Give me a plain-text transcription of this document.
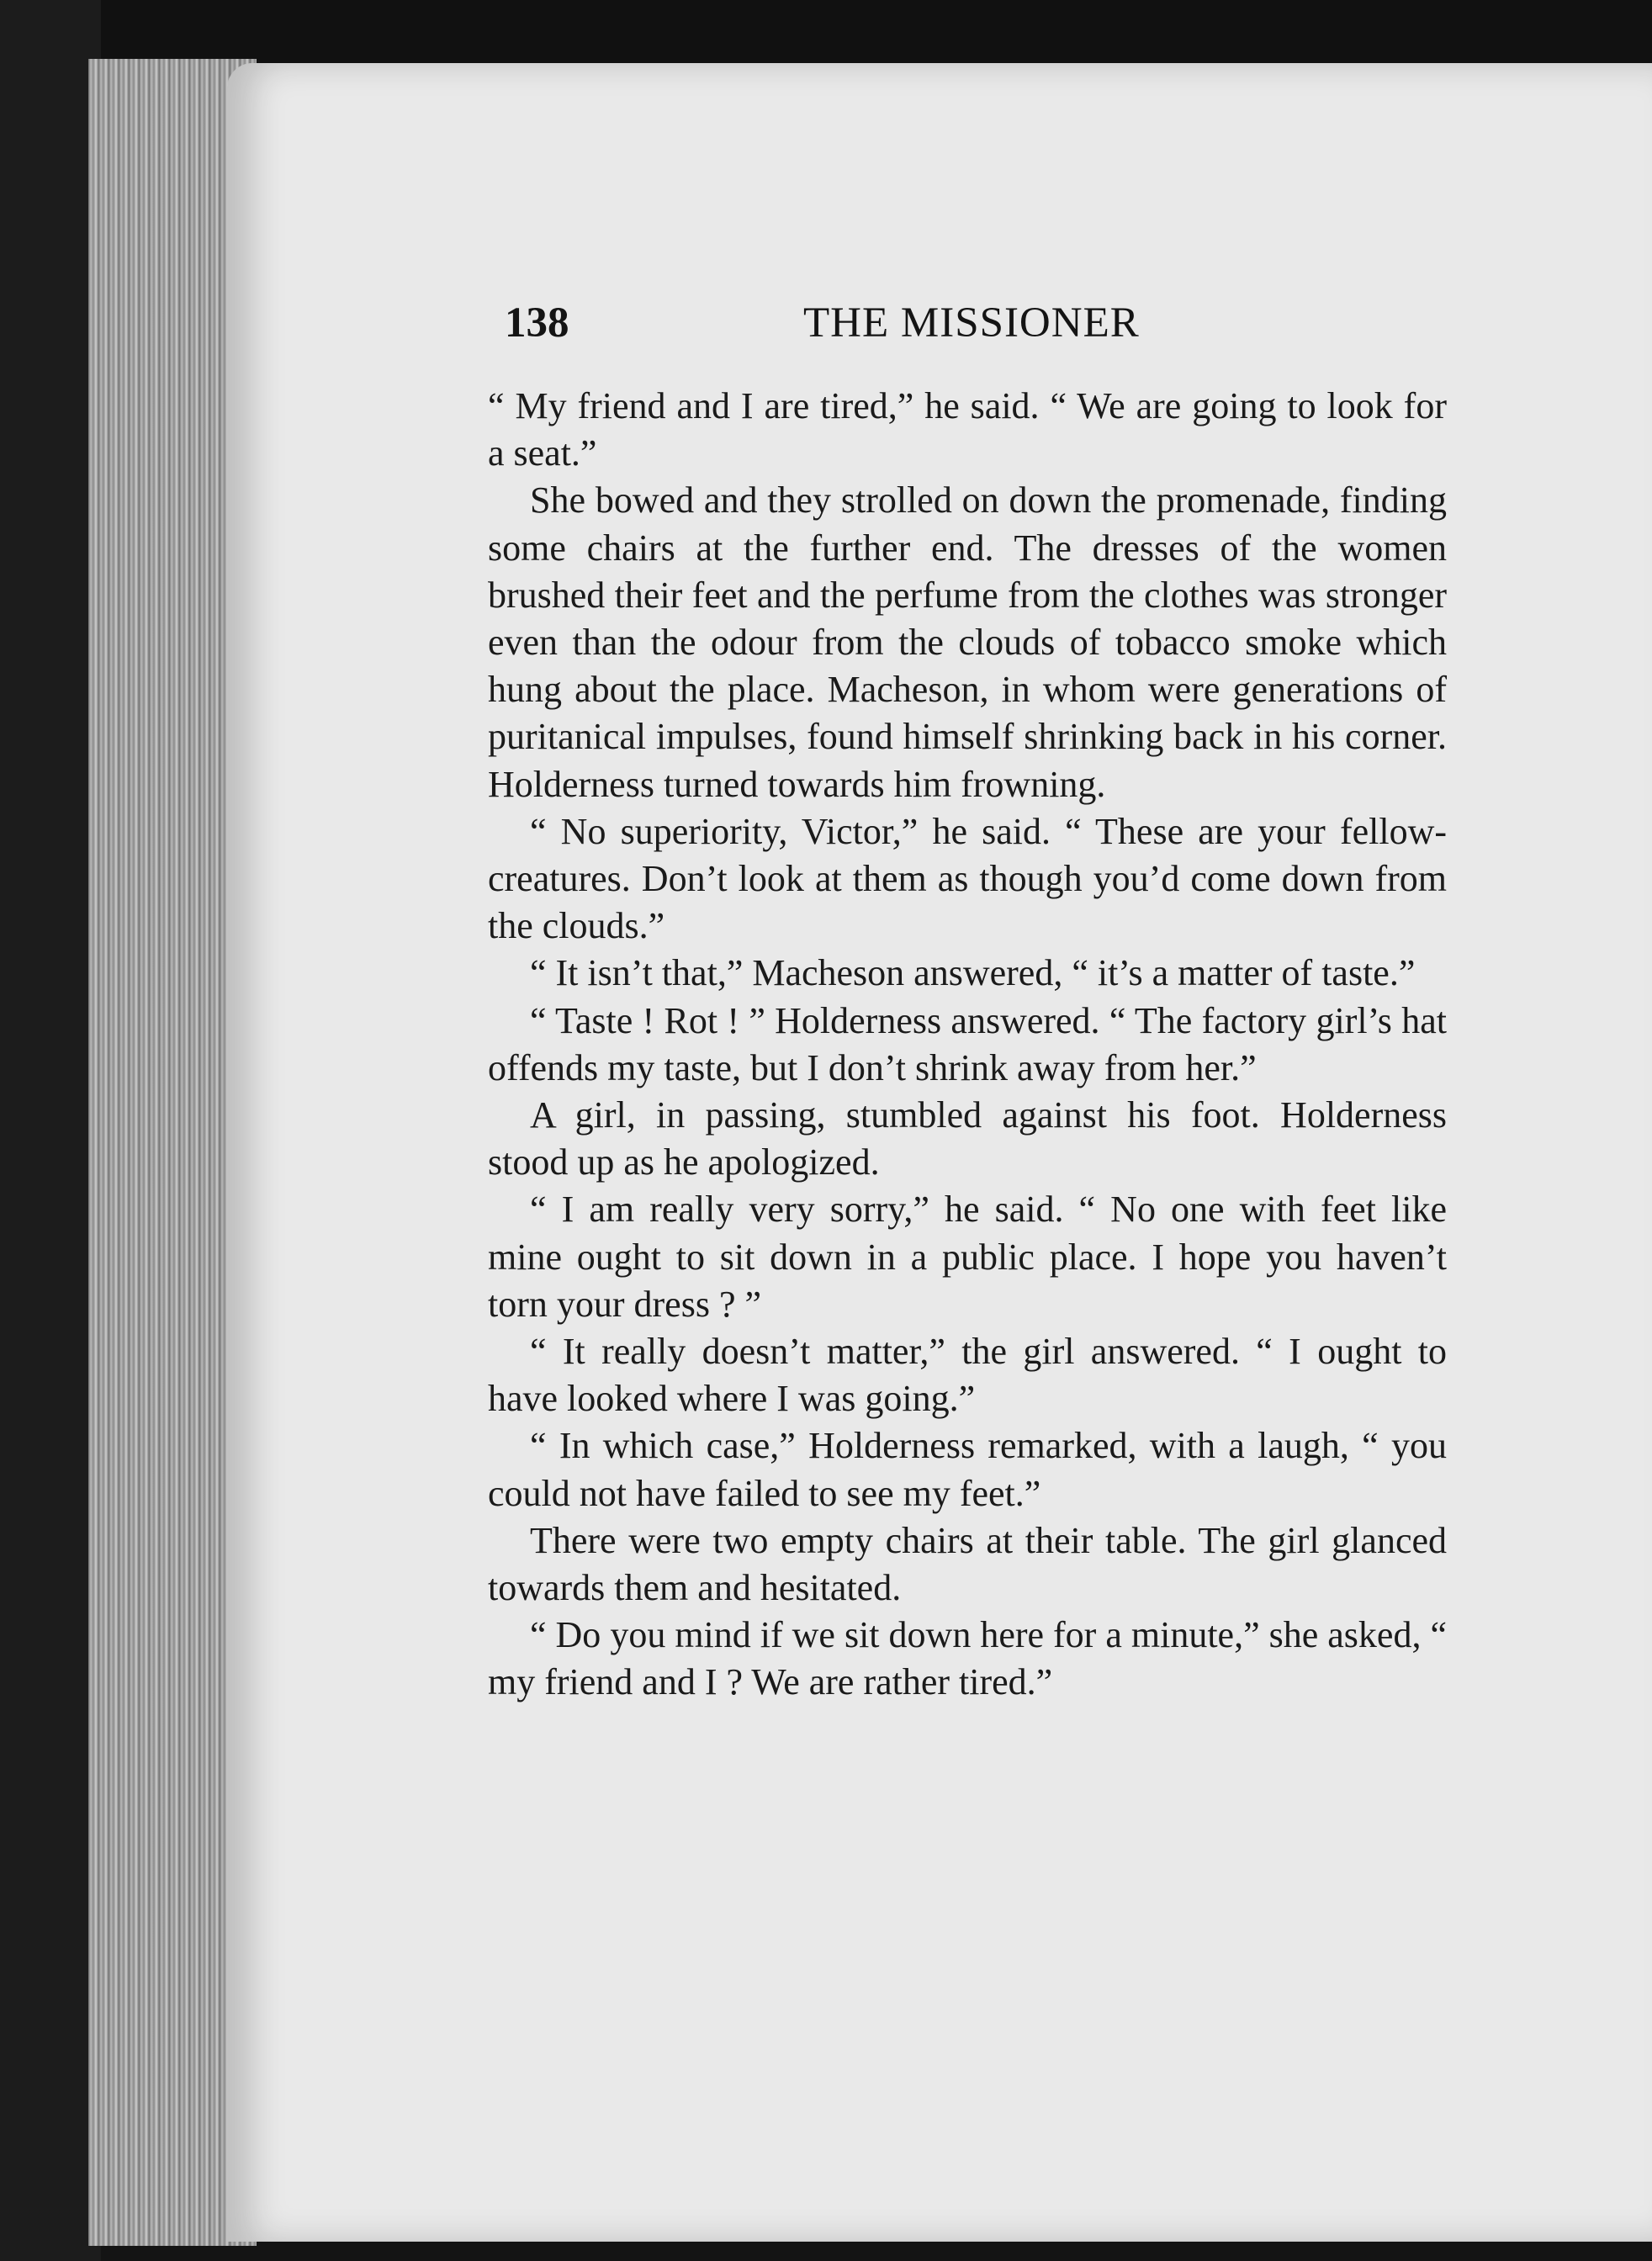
138	THE MISSIONER

“ My friend and I are tired,” he said. “ We are going to look for a seat.”

She bowed and they strolled on down the promenade, finding some chairs at the further end. The dresses of the women brushed their feet and the perfume from the clothes was stronger even than the odour from the clouds of tobacco smoke which hung about the place. Macheson, in whom were generations of puritanical impulses, found himself shrinking back in his corner. Holderness turned towards him frowning.

“ No superiority, Victor,” he said. “ These are your fellow-creatures. Don’t look at them as though you’d come down from the clouds.”

“ It isn’t that,” Macheson answered, “ it’s a matter of taste.”

“ Taste ! Rot ! ” Holderness answered. “ The factory girl’s hat offends my taste, but I don’t shrink away from her.”

A girl, in passing, stumbled against his foot. Holderness stood up as he apologized.

“ I am really very sorry,” he said. “ No one with feet like mine ought to sit down in a public place. I hope you haven’t torn your dress ? ”

“ It really doesn’t matter,” the girl answered. “ I ought to have looked where I was going.”

“ In which case,” Holderness remarked, with a laugh, “ you could not have failed to see my feet.”

There were two empty chairs at their table. The girl glanced towards them and hesitated.

“ Do you mind if we sit down here for a minute,” she asked, “ my friend and I ? We are rather tired.”
